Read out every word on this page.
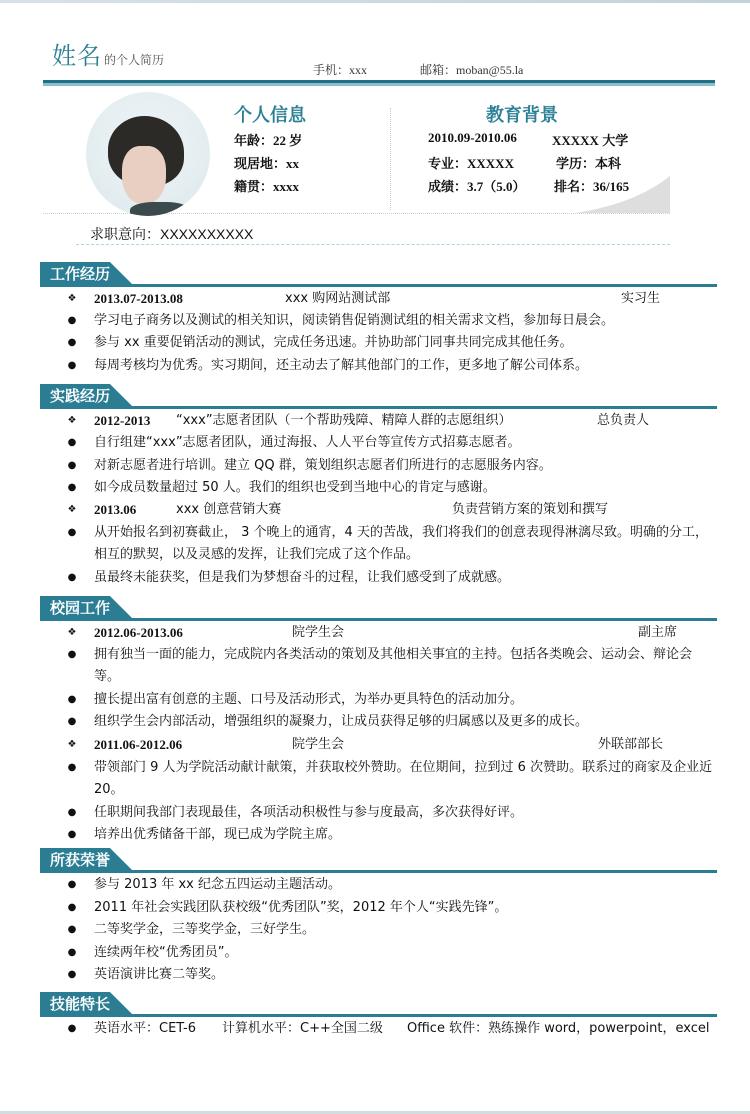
姓名 的个人简历
手机：xxx	邮箱：moban@55.la
个人信息
年龄：22 岁
现居地：xx
籍贯：xxxx
教育背景
2010.09-2010.06	XXXXX 大学
专业：XXXXX	学历：本科
成绩：3.7（5.0） 排名：36/165
求职意向：XXXXXXXXXX
工作经历
❖ 2013.07-2013.08	xxx 购网站测试部	实习生
● 学习电子商务以及测试的相关知识，阅读销售促销测试组的相关需求文档，参加每日晨会。
● 参与 xx 重要促销活动的测试，完成任务迅速。并协助部门同事共同完成其他任务。
● 每周考核均为优秀。实习期间，还主动去了解其他部门的工作，更多地了解公司体系。
实践经历
❖ 2012-2013 “xxx”志愿者团队（一个帮助残障、精障人群的志愿组织）	总负责人
● 自行组建“xxx”志愿者团队，通过海报、人人平台等宣传方式招募志愿者。
● 对新志愿者进行培训。建立 QQ 群，策划组织志愿者们所进行的志愿服务内容。
● 如今成员数量超过 50 人。我们的组织也受到当地中心的肯定与感谢。
❖ 2013.06	xxx 创意营销大赛	负责营销方案的策划和撰写
● 从开始报名到初赛截止， 3 个晚上的通宵，4 天的苦战，我们将我们的创意表现得淋漓尽致。明确的分工，相互的默契，以及灵感的发挥，让我们完成了这个作品。
● 虽最终未能获奖，但是我们为梦想奋斗的过程，让我们感受到了成就感。
校园工作
❖ 2012.06-2013.06	院学生会	副主席
● 拥有独当一面的能力，完成院内各类活动的策划及其他相关事宜的主持。包括各类晚会、运动会、辩论会等。
● 擅长提出富有创意的主题、口号及活动形式，为举办更具特色的活动加分。
● 组织学生会内部活动，增强组织的凝聚力，让成员获得足够的归属感以及更多的成长。
❖ 2011.06-2012.06	院学生会	外联部部长
● 带领部门 9 人为学院活动献计献策，并获取校外赞助。在位期间，拉到过 6 次赞助。联系过的商家及企业近 20。
● 任职期间我部门表现最佳，各项活动积极性与参与度最高，多次获得好评。
● 培养出优秀储备干部，现已成为学院主席。
所获荣誉
● 参与 2013 年 xx 纪念五四运动主题活动。
● 2011 年社会实践团队获校级“优秀团队”奖，2012 年个人“实践先锋”。
● 二等奖学金，三等奖学金，三好学生。
● 连续两年校“优秀团员”。
● 英语演讲比赛二等奖。
技能特长
● 英语水平：CET-6 计算机水平：C++全国二级 Office 软件：熟练操作 word，powerpoint，excel
